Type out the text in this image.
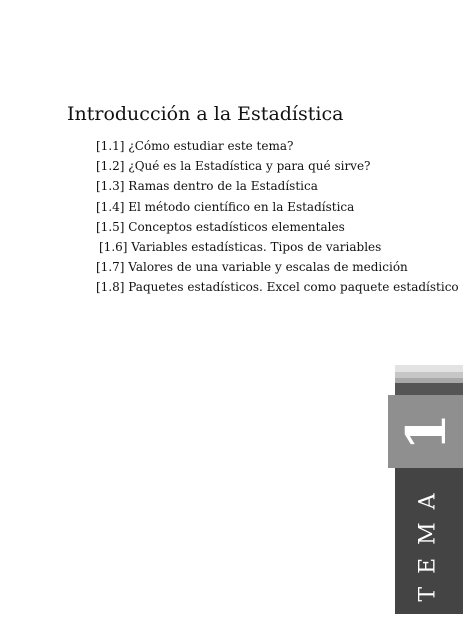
Introducción a la Estadística
[1.1] ¿Cómo estudiar este tema?
[1.2] ¿Qué es la Estadística y para qué sirve?
[1.3] Ramas dentro de la Estadística
[1.4] El método científico en la Estadística
[1.5] Conceptos estadísticos elementales
[1.6] Variables estadísticas. Tipos de variables
[1.7] Valores de una variable y escalas de medición
[1.8] Paquetes estadísticos. Excel como paquete estadístico
1
TEMA
